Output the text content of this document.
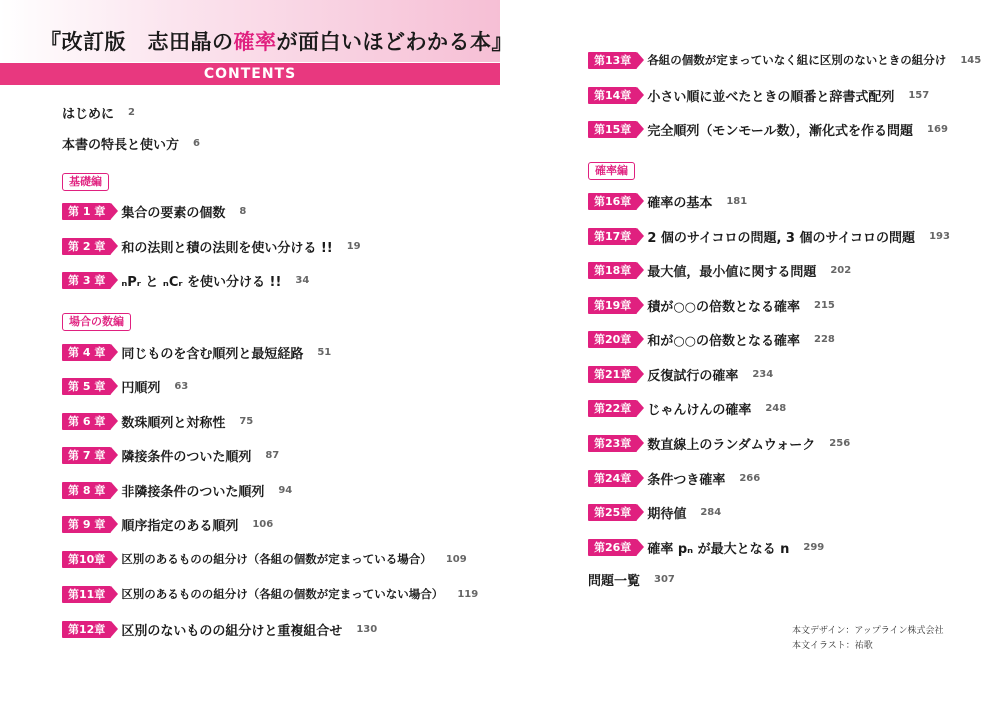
『改訂版　志田晶の確率が面白いほどわかる本』
CONTENTS
はじめに 2
本書の特長と使い方 6
基礎編
第 1 章	集合の要素の個数 8
第 2 章	和の法則と積の法則を使い分ける !! 19
第 3 章	ₙPᵣ と ₙCᵣ を使い分ける !! 34
場合の数編
第 4 章	同じものを含む順列と最短経路 51
第 5 章	円順列 63
第 6 章	数珠順列と対称性 75
第 7 章	隣接条件のついた順列 87
第 8 章	非隣接条件のついた順列 94
第 9 章	順序指定のある順列 106
第10章	区別のあるものの組分け（各組の個数が定まっている場合） 109
第11章	区別のあるものの組分け（各組の個数が定まっていない場合） 119
第12章	区別のないものの組分けと重複組合せ 130
第13章	各組の個数が定まっていなく組に区別のないときの組分け 145
第14章	小さい順に並べたときの順番と辞書式配列 157
第15章	完全順列（モンモール数），漸化式を作る問題 169
確率編
第16章	確率の基本 181
第17章	2 個のサイコロの問題, 3 個のサイコロの問題 193
第18章	最大値，最小値に関する問題 202
第19章	積が○○の倍数となる確率 215
第20章	和が○○の倍数となる確率 228
第21章	反復試行の確率 234
第22章	じゃんけんの確率 248
第23章	数直線上のランダムウォーク 256
第24章	条件つき確率 266
第25章	期待値 284
第26章	確率 pₙ が最大となる n 299
問題一覧 307
本文デザイン：アップライン株式会社
本文イラスト：祐歌
